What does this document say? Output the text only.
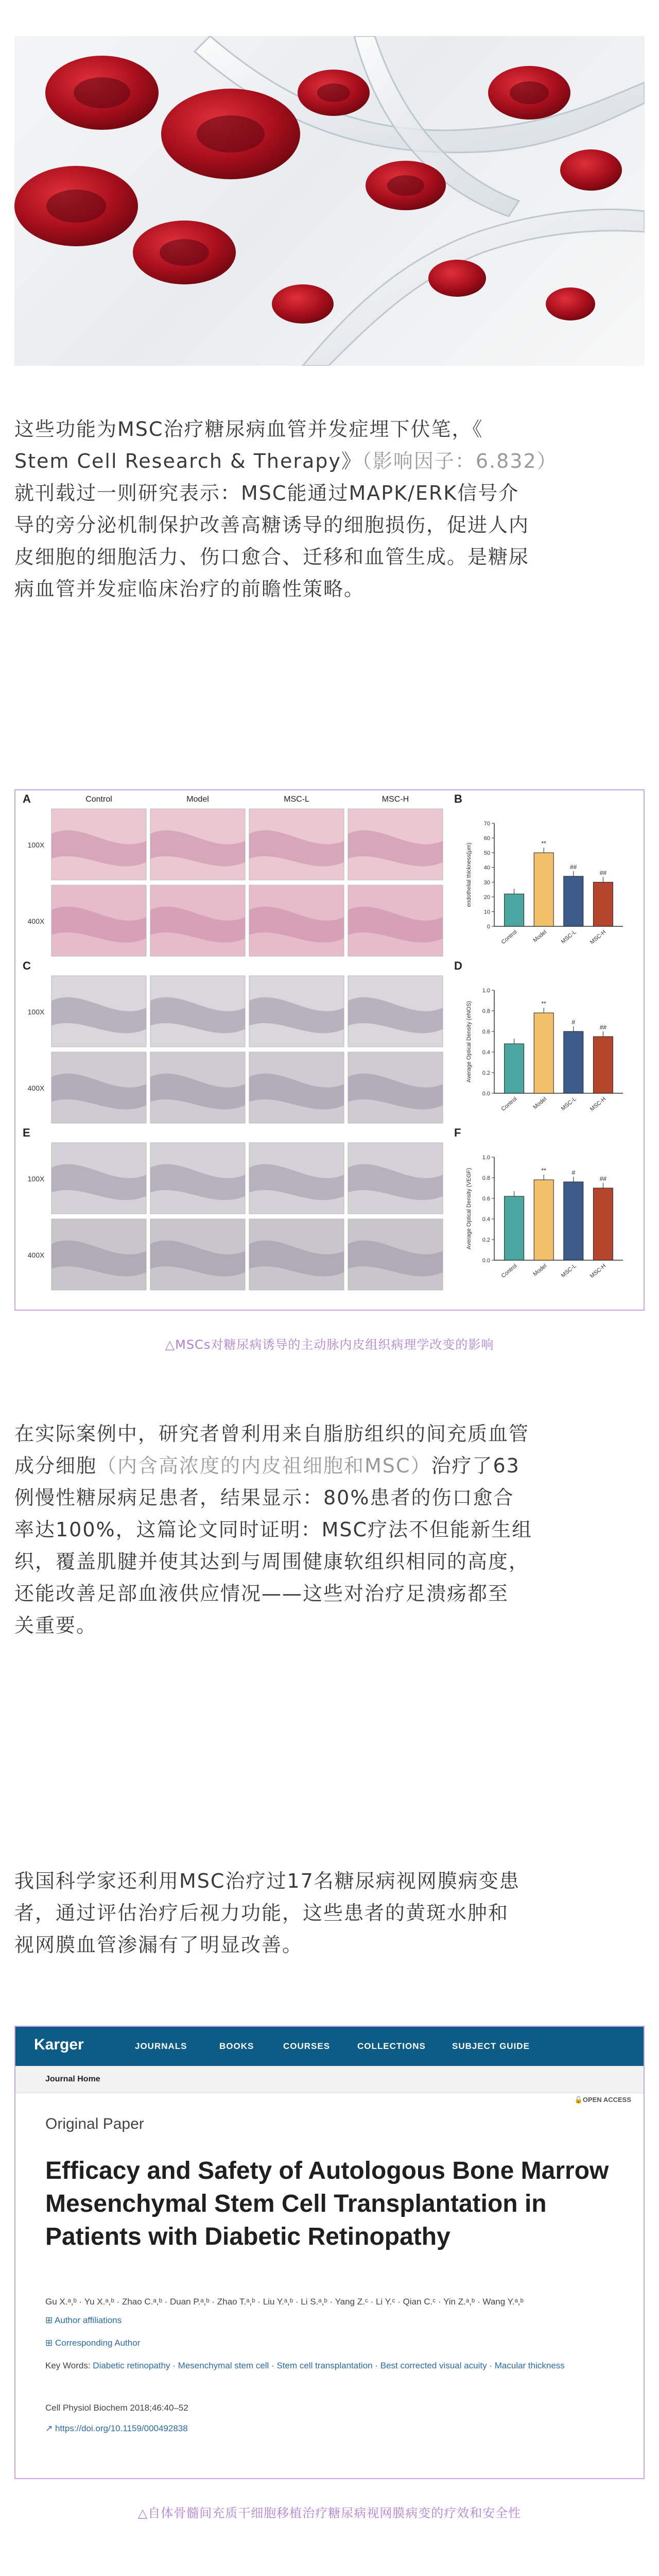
这些功能为MSC治疗糖尿病血管并发症埋下伏笔，《
Stem Cell Research & Therapy》（影响因子：6.832）
就刊载过一则研究表示：MSC能通过MAPK/ERK信号介
导的旁分泌机制保护改善高糖诱导的细胞损伤，促进人内
皮细胞的细胞活力、伤口愈合、迁移和血管生成。是糖尿
病血管并发症临床治疗的前瞻性策略。
A
C
E
B
D
F
Control	Model	MSC-L	MSC-H
100X
400X
100X
400X
100X
400X
0
10
20
30
40
50
60
70
endothelial thickness(μm)
Control
**
Model
##
MSC-L
##
MSC-H
0.0
0.2
0.4
0.6
0.8
1.0
Average Optical Density (eNOS)
Control
**
Model
#
MSC-L
##
MSC-H
0.0
0.2
0.4
0.6
0.8
1.0
Average Optical Density (VEGF)
Control
**
Model
#
MSC-L
##
MSC-H
△MSCs对糖尿病诱导的主动脉内皮组织病理学改变的影响
在实际案例中，研究者曾利用来自脂肪组织的间充质血管
成分细胞（内含高浓度的内皮祖细胞和MSC）治疗了63
例慢性糖尿病足患者，结果显示：80%患者的伤口愈合
率达100%，这篇论文同时证明：MSC疗法不但能新生组
织，覆盖肌腱并使其达到与周围健康软组织相同的高度，
还能改善足部血液供应情况——这些对治疗足溃疡都至
关重要。
我国科学家还利用MSC治疗过17名糖尿病视网膜病变患
者，通过评估治疗后视力功能，这些患者的黄斑水肿和
视网膜血管渗漏有了明显改善。
Karger	JOURNALS	BOOKS	COURSES	COLLECTIONS	SUBJECT GUIDE
Journal Home
🔓OPEN ACCESS
Original Paper
Efficacy and Safety of Autologous Bone Marrow Mesenchymal Stem Cell Transplantation in Patients with Diabetic Retinopathy
Gu X.ᵃ,ᵇ · Yu X.ᵃ,ᵇ · Zhao C.ᵃ,ᵇ · Duan P.ᵃ,ᵇ · Zhao T.ᵃ,ᵇ · Liu Y.ᵃ,ᵇ · Li S.ᵃ,ᵇ · Yang Z.ᶜ · Li Y.ᶜ · Qian C.ᶜ · Yin Z.ᵃ,ᵇ · Wang Y.ᵃ,ᵇ
⊞ Author affiliations
⊞ Corresponding Author
Key Words: Diabetic retinopathy · Mesenchymal stem cell · Stem cell transplantation · Best corrected visual acuity · Macular thickness
Cell Physiol Biochem 2018;46:40–52
↗ https://doi.org/10.1159/000492838
△自体骨髓间充质干细胞移植治疗糖尿病视网膜病变的疗效和安全性
